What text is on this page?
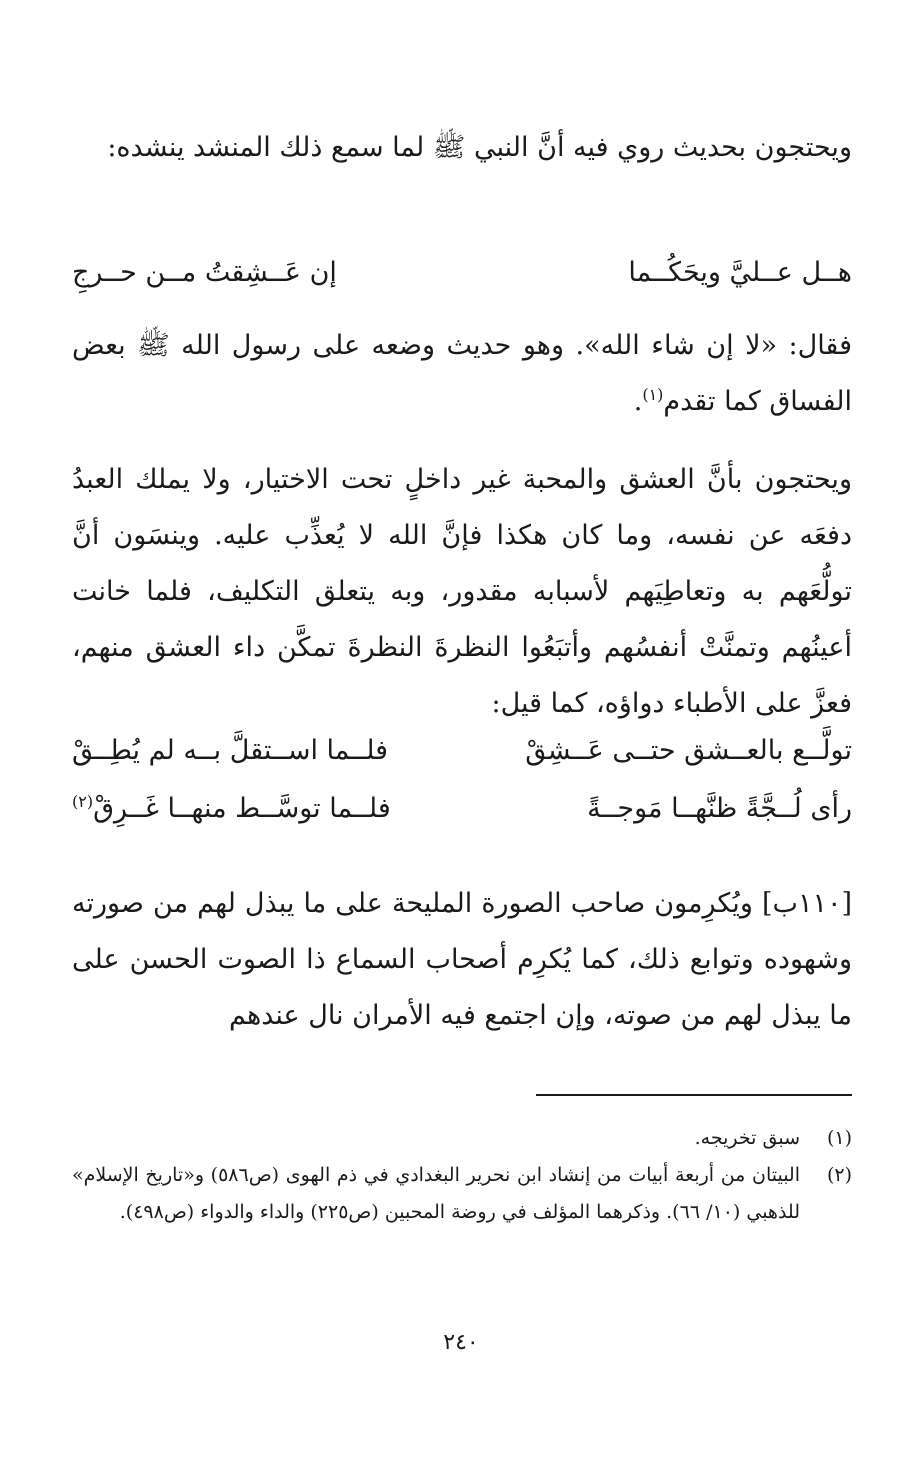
ويحتجون بحديث روي فيه أنَّ النبي ﷺ لما سمع ذلك المنشد ينشده:
هــل عــليَّ ويحَكُــما
إن عَــشِقتُ مــن حــرجِ
فقال: «لا إن شاء الله». وهو حديث وضعه على رسول الله ﷺ بعض الفساق كما تقدم$^{(١)}$.
ويحتجون بأنَّ العشق والمحبة غير داخلٍ تحت الاختيار، ولا يملك العبدُ دفعَه عن نفسه، وما كان هكذا فإنَّ الله لا يُعذِّب عليه. وينسَون أنَّ تولُّعَهم به وتعاطِيَهم لأسبابه مقدور، وبه يتعلق التكليف، فلما خانت أعينُهم وتمنَّتْ أنفسُهم وأتبَعُوا النظرةَ النظرةَ تمكَّن داء العشق منهم، فعزَّ على الأطباء دواؤه، كما قيل:
تولَّــع بالعــشق حتــى عَــشِقْ
فلــما اســتقلَّ بــه لم يُطِــقْ
رأى لُــجَّةً ظنَّهــا مَوجــةً
فلــما توسَّــط منهــا غَــرِقْ$^{(٢)}$
[١١٠ب] ويُكرِمون صاحب الصورة المليحة على ما يبذل لهم من صورته وشهوده وتوابع ذلك، كما يُكرِم أصحاب السماع ذا الصوت الحسن على ما يبذل لهم من صوته، وإن اجتمع فيه الأمران نال عندهم
(١)
سبق تخريجه.
(٢)
البيتان من أربعة أبيات من إنشاد ابن نحرير البغدادي في ذم الهوى (ص٥٨٦) و«تاريخ الإسلام» للذهبي (١٠/ ٦٦). وذكرهما المؤلف في روضة المحبين (ص٢٢٥) والداء والدواء (ص٤٩٨).
٢٤٠
